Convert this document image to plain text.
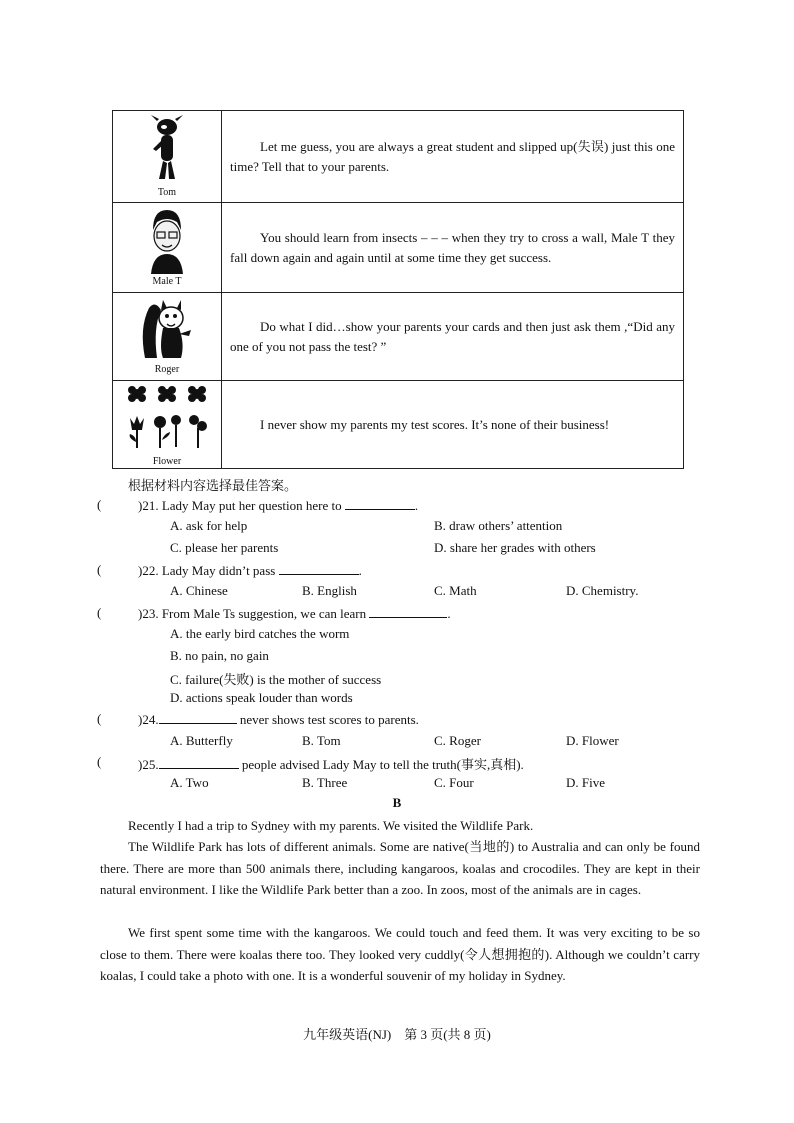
Tom	Let me guess, you are always a great student and slipped up(失误) just this one time? Tell that to your parents.

Male T	You should learn from insects – – – when they try to cross a wall, Male T they fall down again and again until at some time they get success.

Roger	Do what I did…show your parents your cards and then just ask them ,“Did any one of you not pass the test? ”

Flower	I never show my parents my test scores. It’s none of their business!
根据材料内容选择最佳答案。
(	)21. Lady May put her question here to	.
A. ask for help	B. draw others’ attention
C. please her parents	D. share her grades with others
(	)22. Lady May didn’t pass	.
A. Chinese	B. English	C. Math	D. Chemistry.
(	)23. From Male Ts suggestion, we can learn	.
A. the early bird catches the worm
B. no pain, no gain
C. failure(失败) is the mother of success
D. actions speak louder than words
(	)24.	never shows test scores to parents.
A. Butterfly	B. Tom	C. Roger	D. Flower
(	)25.	people advised Lady May to tell the truth(事实,真相).
A. Two	B. Three	C. Four	D. Five
B
Recently I had a trip to Sydney with my parents. We visited the Wildlife Park.
The Wildlife Park has lots of different animals. Some are native(当地的) to Australia and can only be found there. There are more than 500 animals there, including kangaroos, koalas and crocodiles. They are kept in their natural environment. I like the Wildlife Park better than a zoo. In zoos, most of the animals are in cages.
We first spent some time with the kangaroos. We could touch and feed them. It was very exciting to be so close to them. There were koalas there too. They looked very cuddly(令人想拥抱的). Although we couldn’t carry koalas, I could take a photo with one. It is a wonderful souvenir of my holiday in Sydney.
九年级英语(NJ)　第 3 页(共 8 页)
